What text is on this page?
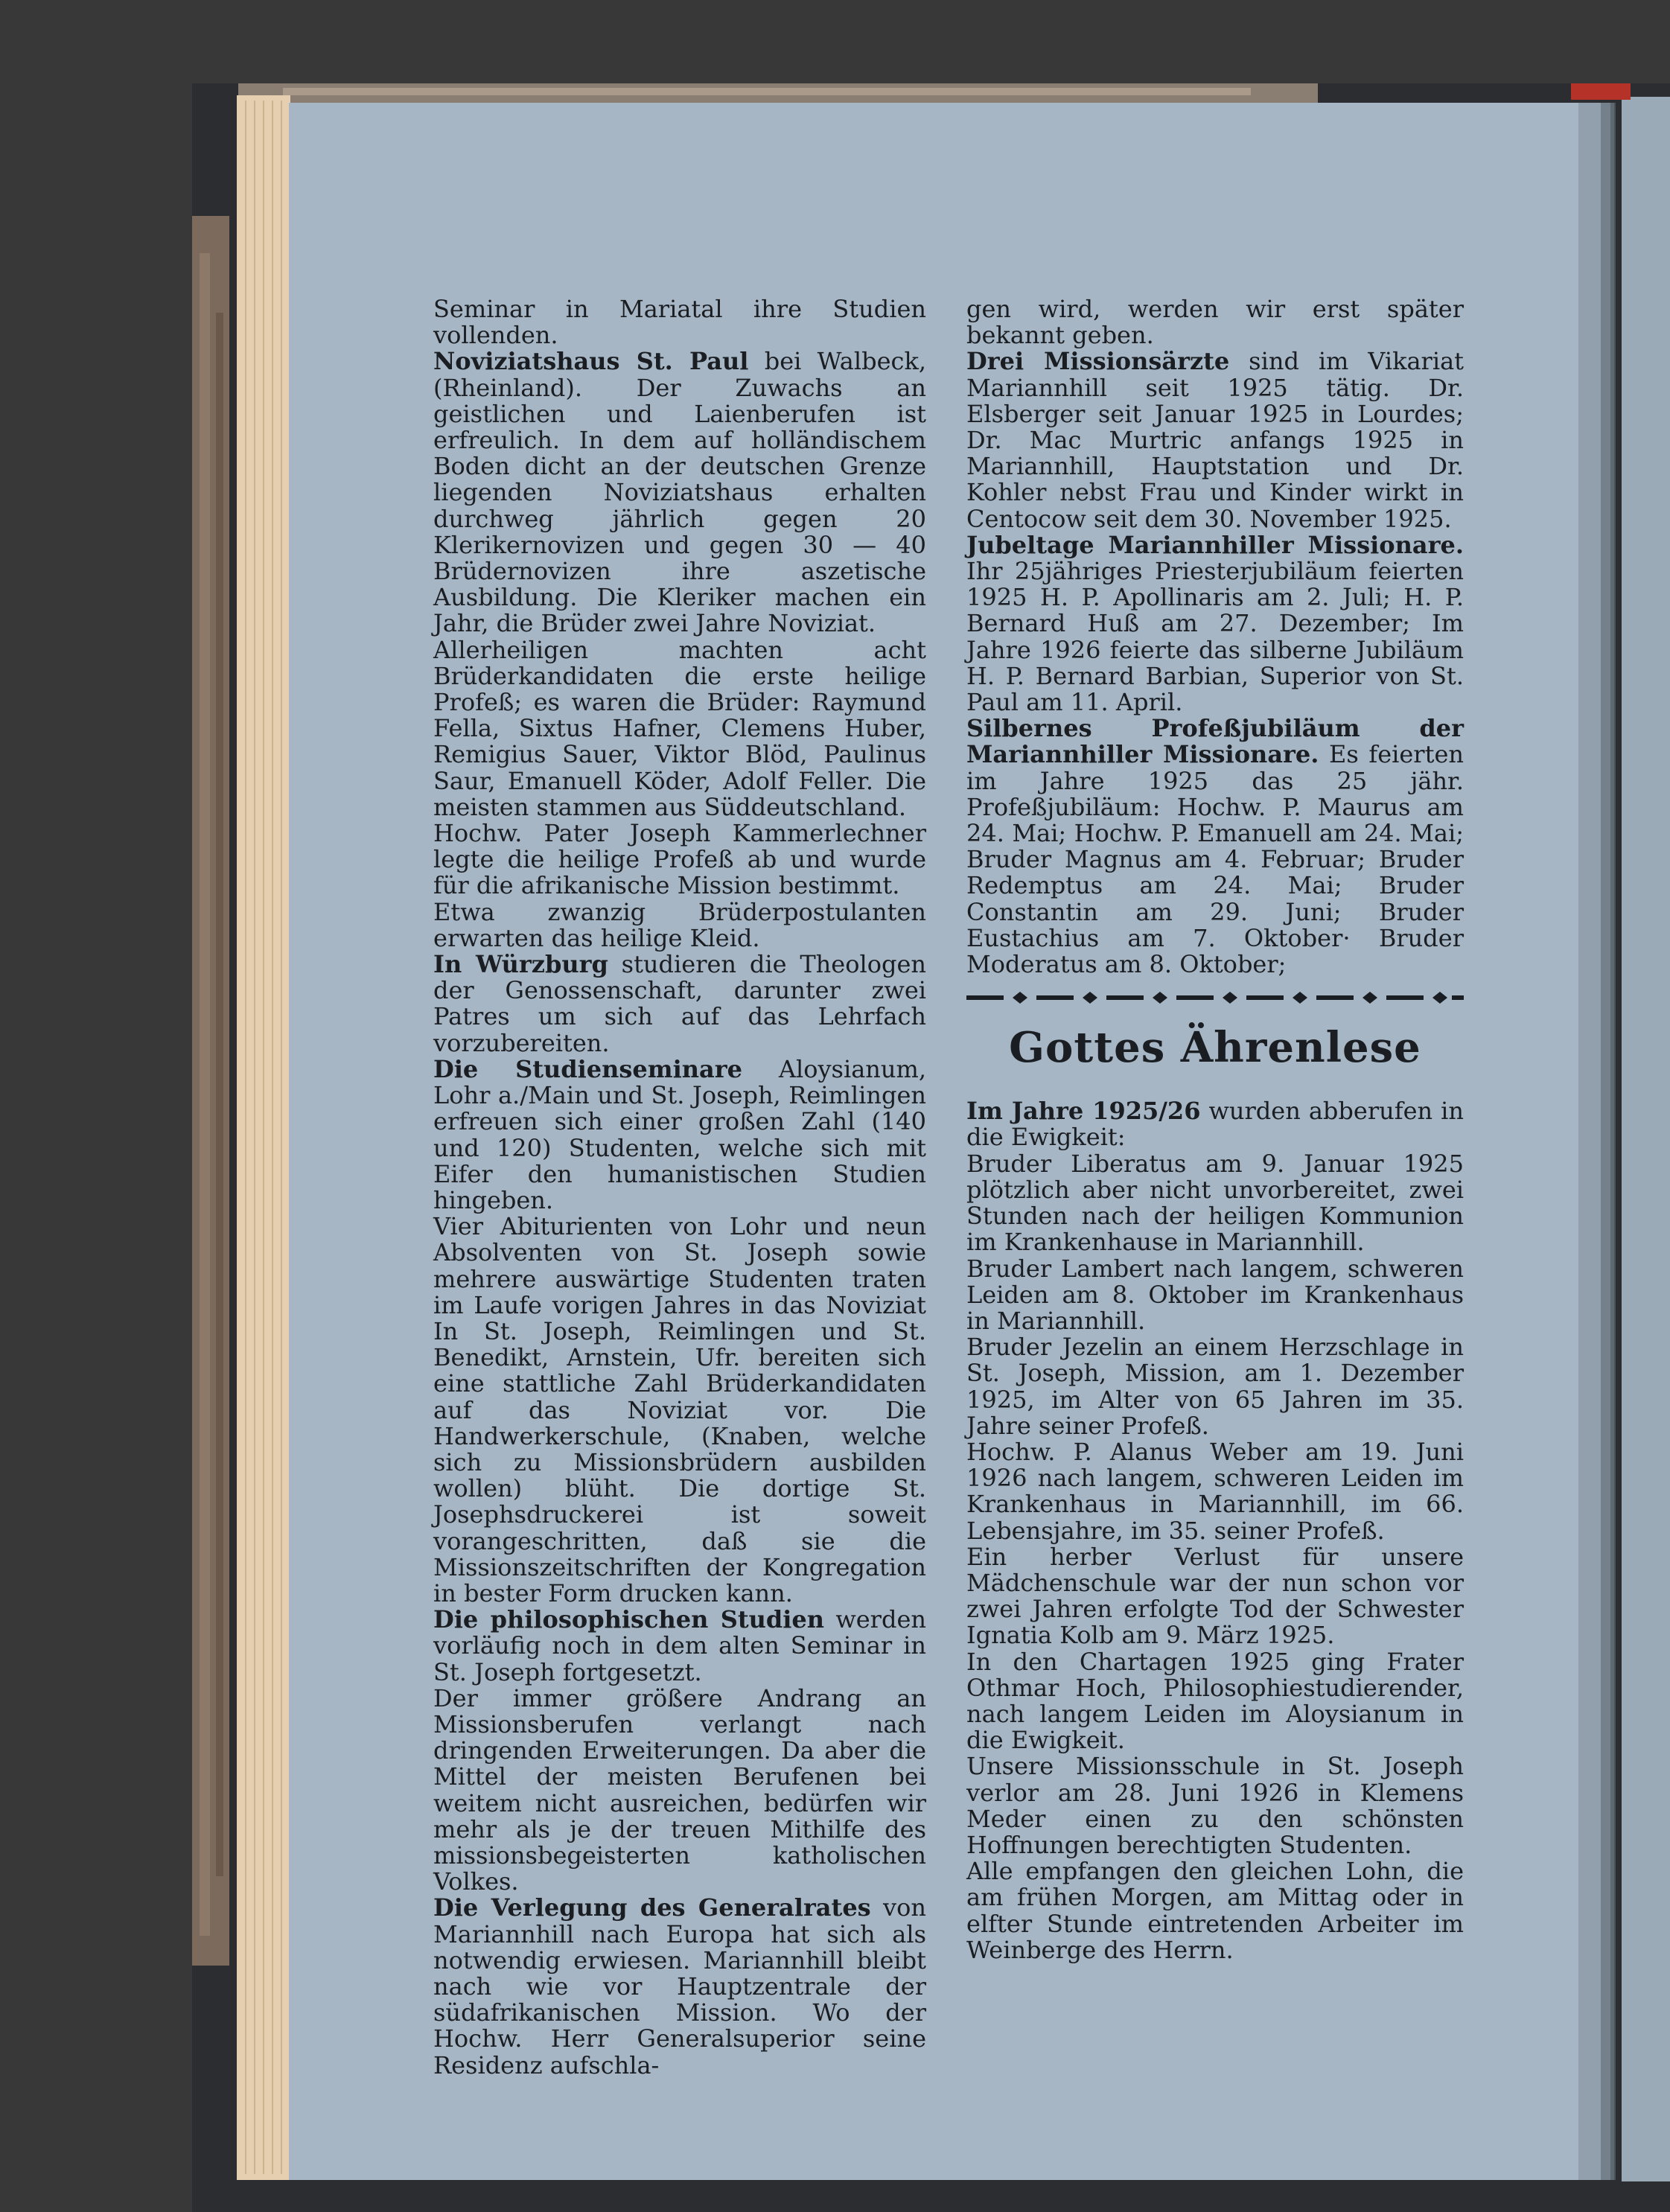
Seminar in Mariatal ihre Studien vollenden.

Noviziatshaus St. Paul bei Walbeck, (Rheinland). Der Zuwachs an geistlichen und Laienberufen ist erfreulich. In dem auf holländischem Boden dicht an der deutschen Grenze liegenden Noviziatshaus erhalten durchweg jährlich gegen 20 Klerikernovizen und gegen 30 — 40 Brüdernovizen ihre aszetische Ausbildung. Die Kleriker machen ein Jahr, die Brüder zwei Jahre Noviziat.

Allerheiligen machten acht Brüderkandidaten die erste heilige Profeß; es waren die Brüder: Raymund Fella, Sixtus Hafner, Clemens Huber, Remigius Sauer, Viktor Blöd, Paulinus Saur, Emanuell Köder, Adolf Feller. Die meisten stammen aus Süddeutschland.

Hochw. Pater Joseph Kammerlechner legte die heilige Profeß ab und wurde für die afrikanische Mission bestimmt.

Etwa zwanzig Brüderpostulanten erwarten das heilige Kleid.

In Würzburg studieren die Theologen der Genossenschaft, darunter zwei Patres um sich auf das Lehrfach vorzubereiten.

Die Studienseminare Aloysianum, Lohr a./Main und St. Joseph, Reimlingen erfreuen sich einer großen Zahl (140 und 120) Studenten, welche sich mit Eifer den humanistischen Studien hingeben.

Vier Abiturienten von Lohr und neun Absolventen von St. Joseph sowie mehrere auswärtige Studenten traten im Laufe vorigen Jahres in das Noviziat In St. Joseph, Reimlingen und St. Benedikt, Arnstein, Ufr. bereiten sich eine stattliche Zahl Brüderkandidaten auf das Noviziat vor. Die Handwerkerschule, (Knaben, welche sich zu Missionsbrüdern ausbilden wollen) blüht. Die dortige St. Josephsdruckerei ist soweit vorangeschritten, daß sie die Missionszeitschriften der Kongregation in bester Form drucken kann.

Die philosophischen Studien werden vorläufig noch in dem alten Seminar in St. Joseph fortgesetzt.

Der immer größere Andrang an Missionsberufen verlangt nach dringenden Erweiterungen. Da aber die Mittel der meisten Berufenen bei weitem nicht ausreichen, bedürfen wir mehr als je der treuen Mithilfe des missionsbegeisterten katholischen Volkes.

Die Verlegung des Generalrates von Mariannhill nach Europa hat sich als notwendig erwiesen. Mariannhill bleibt nach wie vor Hauptzentrale der südafrikanischen Mission. Wo der Hochw. Herr Generalsuperior seine Residenz aufschla-

gen wird, werden wir erst später bekannt geben.

Drei Missionsärzte sind im Vikariat Mariannhill seit 1925 tätig. Dr. Elsberger seit Januar 1925 in Lourdes; Dr. Mac Murtric anfangs 1925 in Mariannhill, Hauptstation und Dr. Kohler nebst Frau und Kinder wirkt in Centocow seit dem 30. November 1925.

Jubeltage Mariannhiller Missionare. Ihr 25jähriges Priesterjubiläum feierten 1925 H. P. Apollinaris am 2. Juli; H. P. Bernard Huß am 27. Dezember; Im Jahre 1926 feierte das silberne Jubiläum H. P. Bernard Barbian, Superior von St. Paul am 11. April.

Silbernes Profeßjubiläum der Mariannhiller Missionare. Es feierten im Jahre 1925 das 25 jähr. Profeßjubiläum: Hochw. P. Maurus am 24. Mai; Hochw. P. Emanuell am 24. Mai; Bruder Magnus am 4. Februar; Bruder Redemptus am 24. Mai; Bruder Constantin am 29. Juni; Bruder Eustachius am 7. Oktober· Bruder Moderatus am 8. Oktober;

Gottes Ährenlese

Im Jahre 1925/26 wurden abberufen in die Ewigkeit:

Bruder Liberatus am 9. Januar 1925 plötzlich aber nicht unvorbereitet, zwei Stunden nach der heiligen Kommunion im Krankenhause in Mariannhill.

Bruder Lambert nach langem, schweren Leiden am 8. Oktober im Krankenhaus in Mariannhill.

Bruder Jezelin an einem Herzschlage in St. Joseph, Mission, am 1. Dezember 1925, im Alter von 65 Jahren im 35. Jahre seiner Profeß.

Hochw. P. Alanus Weber am 19. Juni 1926 nach langem, schweren Leiden im Krankenhaus in Mariannhill, im 66. Lebensjahre, im 35. seiner Profeß.

Ein herber Verlust für unsere Mädchenschule war der nun schon vor zwei Jahren erfolgte Tod der Schwester Ignatia Kolb am 9. März 1925.

In den Chartagen 1925 ging Frater Othmar Hoch, Philosophiestudierender, nach langem Leiden im Aloysianum in die Ewigkeit.

Unsere Missionsschule in St. Joseph verlor am 28. Juni 1926 in Klemens Meder einen zu den schönsten Hoffnungen berechtigten Studenten.

Alle empfangen den gleichen Lohn, die am frühen Morgen, am Mittag oder in elfter Stunde eintretenden Arbeiter im Weinberge des Herrn.
